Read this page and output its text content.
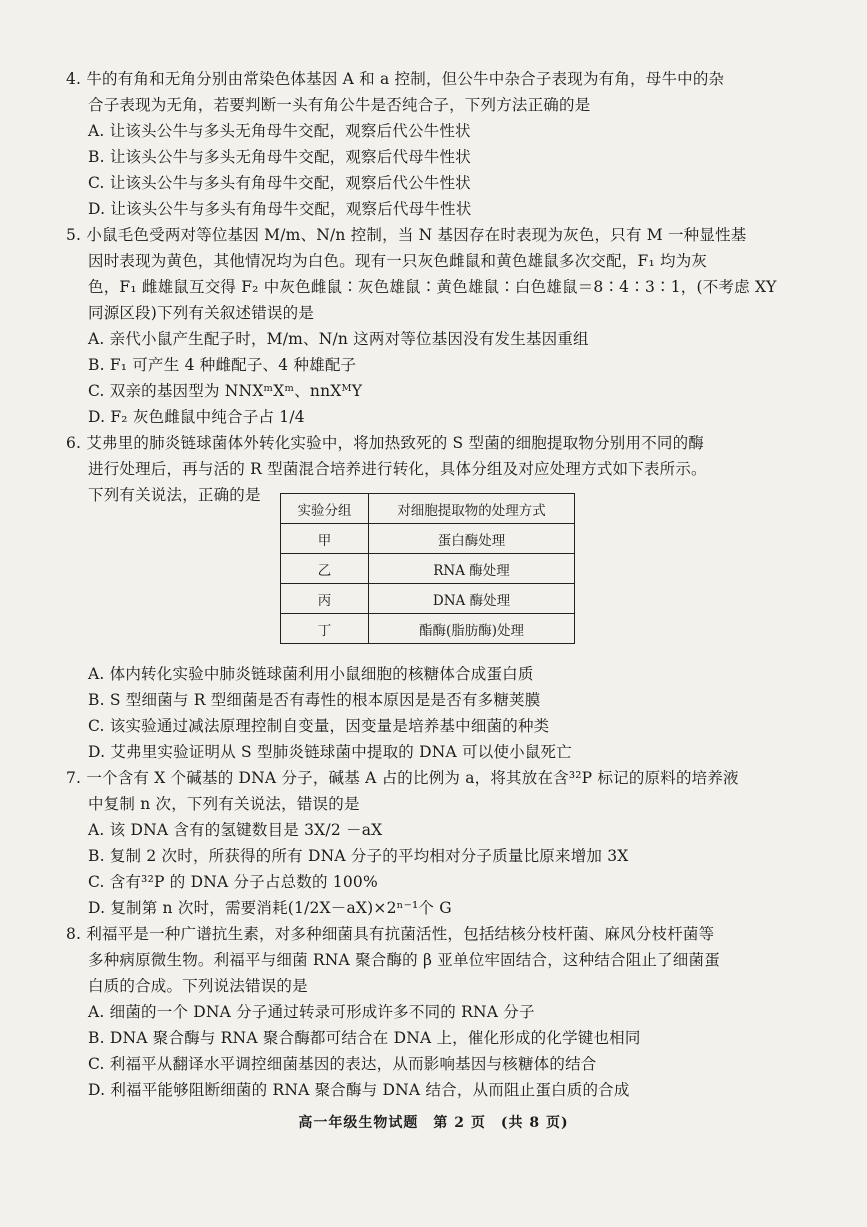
4. 牛的有角和无角分别由常染色体基因 A 和 a 控制，但公牛中杂合子表现为有角，母牛中的杂
合子表现为无角，若要判断一头有角公牛是否纯合子，下列方法正确的是
A. 让该头公牛与多头无角母牛交配，观察后代公牛性状
B. 让该头公牛与多头无角母牛交配，观察后代母牛性状
C. 让该头公牛与多头有角母牛交配，观察后代公牛性状
D. 让该头公牛与多头有角母牛交配，观察后代母牛性状
5. 小鼠毛色受两对等位基因 M/m、N/n 控制，当 N 基因存在时表现为灰色，只有 M 一种显性基
因时表现为黄色，其他情况均为白色。现有一只灰色雌鼠和黄色雄鼠多次交配，F₁ 均为灰
色，F₁ 雌雄鼠互交得 F₂ 中灰色雌鼠∶灰色雄鼠∶黄色雄鼠∶白色雄鼠＝8∶4∶3∶1，(不考虑 XY
同源区段)下列有关叙述错误的是
A. 亲代小鼠产生配子时，M/m、N/n 这两对等位基因没有发生基因重组
B. F₁ 可产生 4 种雌配子、4 种雄配子
C. 双亲的基因型为 NNXᵐXᵐ、nnXᴹY
D. F₂ 灰色雌鼠中纯合子占 1/4
6. 艾弗里的肺炎链球菌体外转化实验中，将加热致死的 S 型菌的细胞提取物分别用不同的酶
进行处理后，再与活的 R 型菌混合培养进行转化，具体分组及对应处理方式如下表所示。
下列有关说法，正确的是
实验分组	对细胞提取物的处理方式
甲	蛋白酶处理
乙	RNA 酶处理
丙	DNA 酶处理
丁	酯酶(脂肪酶)处理
A. 体内转化实验中肺炎链球菌利用小鼠细胞的核糖体合成蛋白质
B. S 型细菌与 R 型细菌是否有毒性的根本原因是是否有多糖荚膜
C. 该实验通过减法原理控制自变量，因变量是培养基中细菌的种类
D. 艾弗里实验证明从 S 型肺炎链球菌中提取的 DNA 可以使小鼠死亡
7. 一个含有 X 个碱基的 DNA 分子，碱基 A 占的比例为 a，将其放在含³²P 标记的原料的培养液
中复制 n 次，下列有关说法，错误的是
A. 该 DNA 含有的氢键数目是 3X/2 －aX
B. 复制 2 次时，所获得的所有 DNA 分子的平均相对分子质量比原来增加 3X
C. 含有³²P 的 DNA 分子占总数的 100%
D. 复制第 n 次时，需要消耗(1/2X－aX)×2ⁿ⁻¹个 G
8. 利福平是一种广谱抗生素，对多种细菌具有抗菌活性，包括结核分枝杆菌、麻风分枝杆菌等
多种病原微生物。利福平与细菌 RNA 聚合酶的 β 亚单位牢固结合，这种结合阻止了细菌蛋
白质的合成。下列说法错误的是
A. 细菌的一个 DNA 分子通过转录可形成许多不同的 RNA 分子
B. DNA 聚合酶与 RNA 聚合酶都可结合在 DNA 上，催化形成的化学键也相同
C. 利福平从翻译水平调控细菌基因的表达，从而影响基因与核糖体的结合
D. 利福平能够阻断细菌的 RNA 聚合酶与 DNA 结合，从而阻止蛋白质的合成
高一年级生物试题　第 2 页　(共 8 页)
